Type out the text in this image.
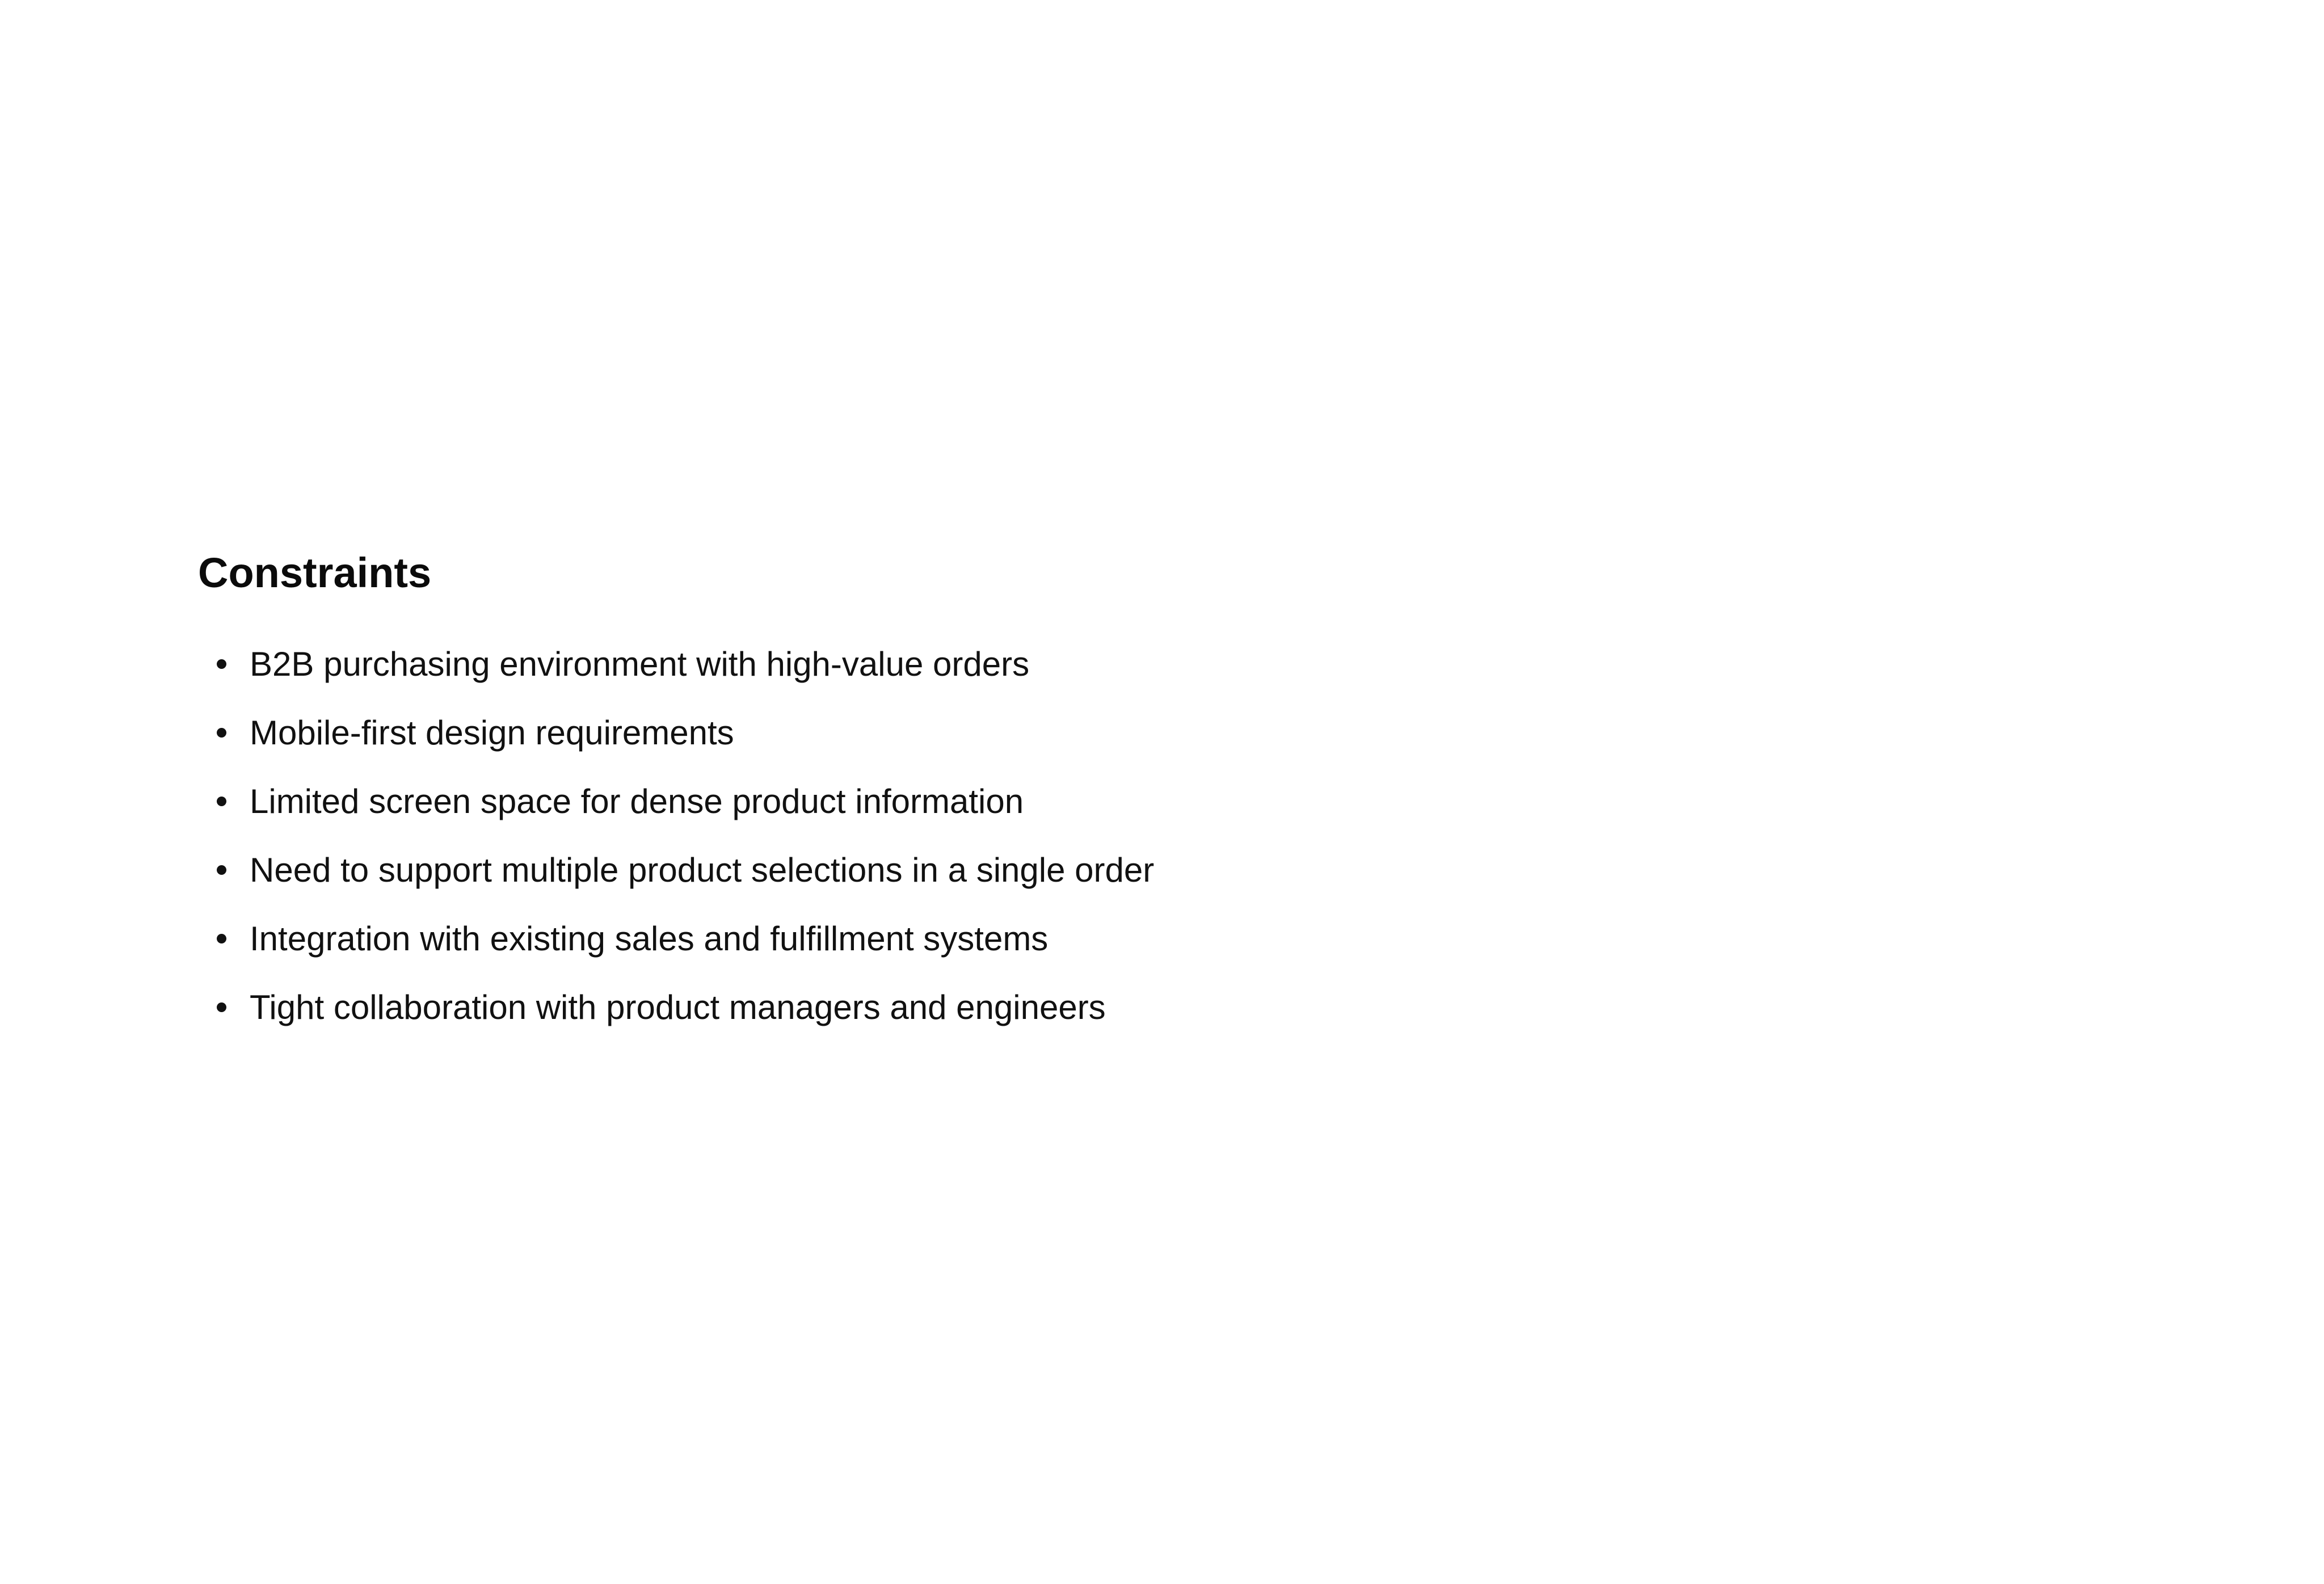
Constraints
B2B purchasing environment with high-value orders
Mobile-first design requirements
Limited screen space for dense product information
Need to support multiple product selections in a single order
Integration with existing sales and fulfillment systems
Tight collaboration with product managers and engineers
